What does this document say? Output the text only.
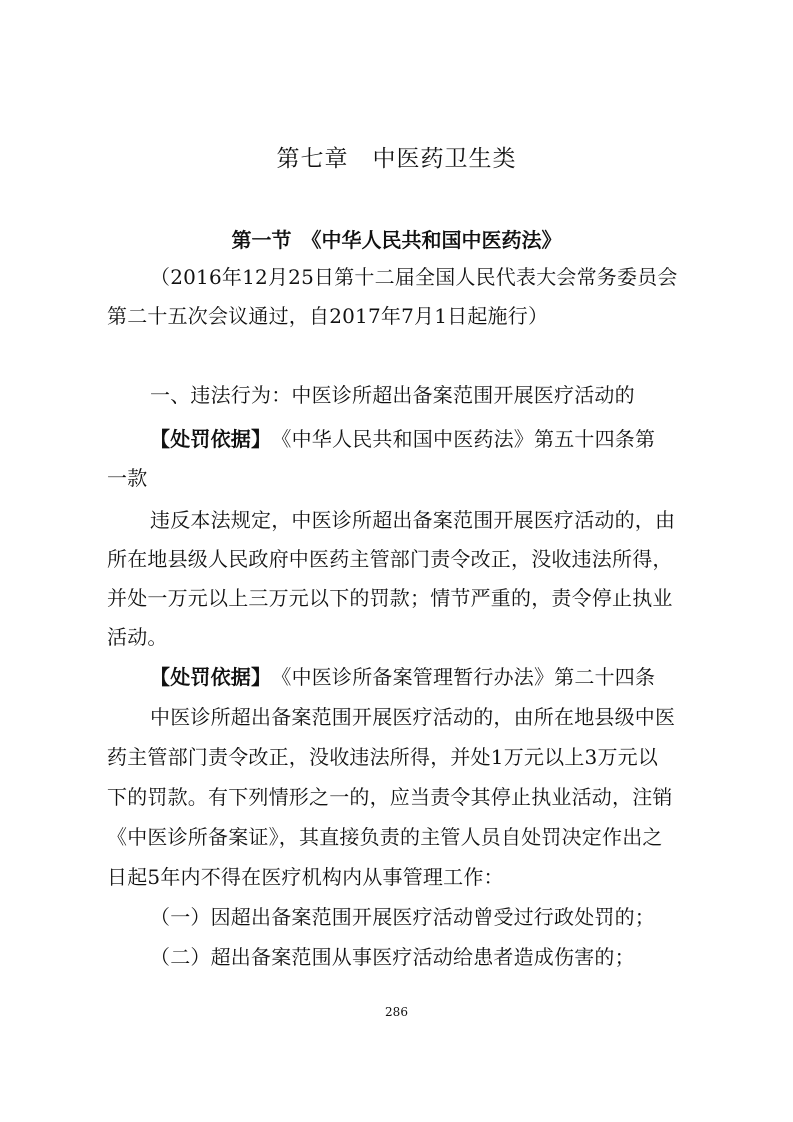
第七章　中医药卫生类
第一节　《中华人民共和国中医药法》
（2016年12月25日第十二届全国人民代表大会常务委员会
第二十五次会议通过，自2017年7月1日起施行）
一、违法行为：中医诊所超出备案范围开展医疗活动的
【处罚依据】　《中华人民共和国中医药法》第五十四条第
一款
违反本法规定，中医诊所超出备案范围开展医疗活动的，由
所在地县级人民政府中医药主管部门责令改正，没收违法所得，
并处一万元以上三万元以下的罚款；情节严重的，责令停止执业
活动。
【处罚依据】　《中医诊所备案管理暂行办法》第二十四条
中医诊所超出备案范围开展医疗活动的，由所在地县级中医
药主管部门责令改正，没收违法所得，并处1万元以上3万元以
下的罚款。有下列情形之一的，应当责令其停止执业活动，注销
《中医诊所备案证》，其直接负责的主管人员自处罚决定作出之
日起5年内不得在医疗机构内从事管理工作：
（一）因超出备案范围开展医疗活动曾受过行政处罚的；
（二）超出备案范围从事医疗活动给患者造成伤害的；
286
